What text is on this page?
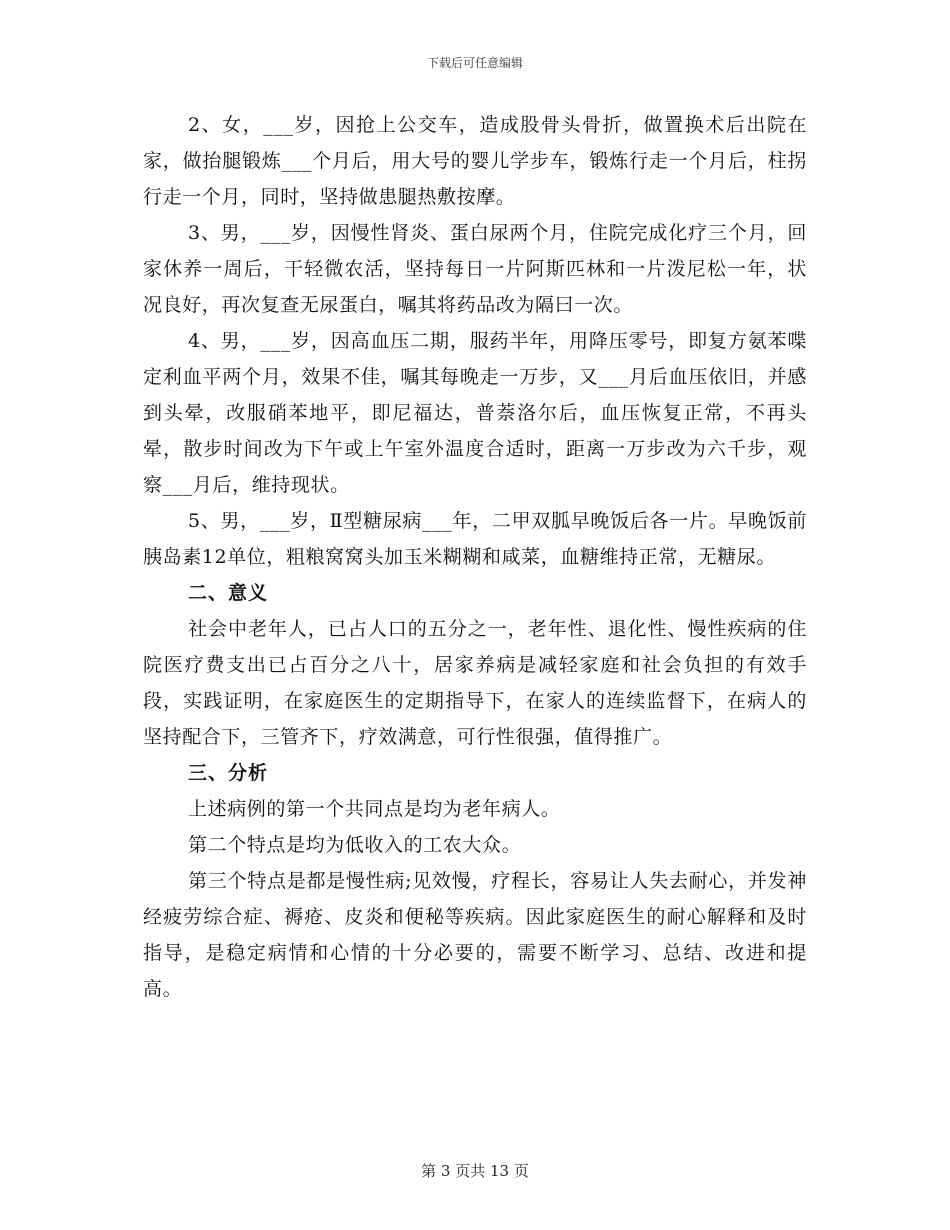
下载后可任意编辑

2、女，___岁，因抢上公交车，造成股骨头骨折，做置换术后出院在家，做抬腿锻炼___个月后，用大号的婴儿学步车，锻炼行走一个月后，柱拐行走一个月，同时，坚持做患腿热敷按摩。

3、男，___岁，因慢性肾炎、蛋白尿两个月，住院完成化疗三个月，回家休养一周后，干轻微农活，坚持每日一片阿斯匹林和一片泼尼松一年，状况良好，再次复查无尿蛋白，嘱其将药品改为隔曰一次。

4、男，___岁，因高血压二期，服药半年，用降压零号，即复方氨苯喋定利血平两个月，效果不佳，嘱其每晚走一万步，又___月后血压依旧，并感到头晕，改服硝苯地平，即尼福达，普萘洛尔后，血压恢复正常，不再头晕，散步时间改为下午或上午室外温度合适时，距离一万步改为六千步，观察___月后，维持现状。

5、男，___岁，Ⅱ型糖尿病___年，二甲双胍早晚饭后各一片。早晚饭前胰岛素12单位，粗粮窝窝头加玉米糊糊和咸菜，血糖维持正常，无糖尿。

二、意义

社会中老年人，已占人口的五分之一，老年性、退化性、慢性疾病的住院医疗费支出已占百分之八十，居家养病是减轻家庭和社会负担的有效手段，实践证明，在家庭医生的定期指导下，在家人的连续监督下，在病人的坚持配合下，三管齐下，疗效满意，可行性很强，值得推广。

三、分析

上述病例的第一个共同点是均为老年病人。

第二个特点是均为低收入的工农大众。

第三个特点是都是慢性病;见效慢，疗程长，容易让人失去耐心，并发神经疲劳综合症、褥疮、皮炎和便秘等疾病。因此家庭医生的耐心解释和及时指导，是稳定病情和心情的十分必要的，需要不断学习、总结、改进和提高。

第 3 页共 13 页
